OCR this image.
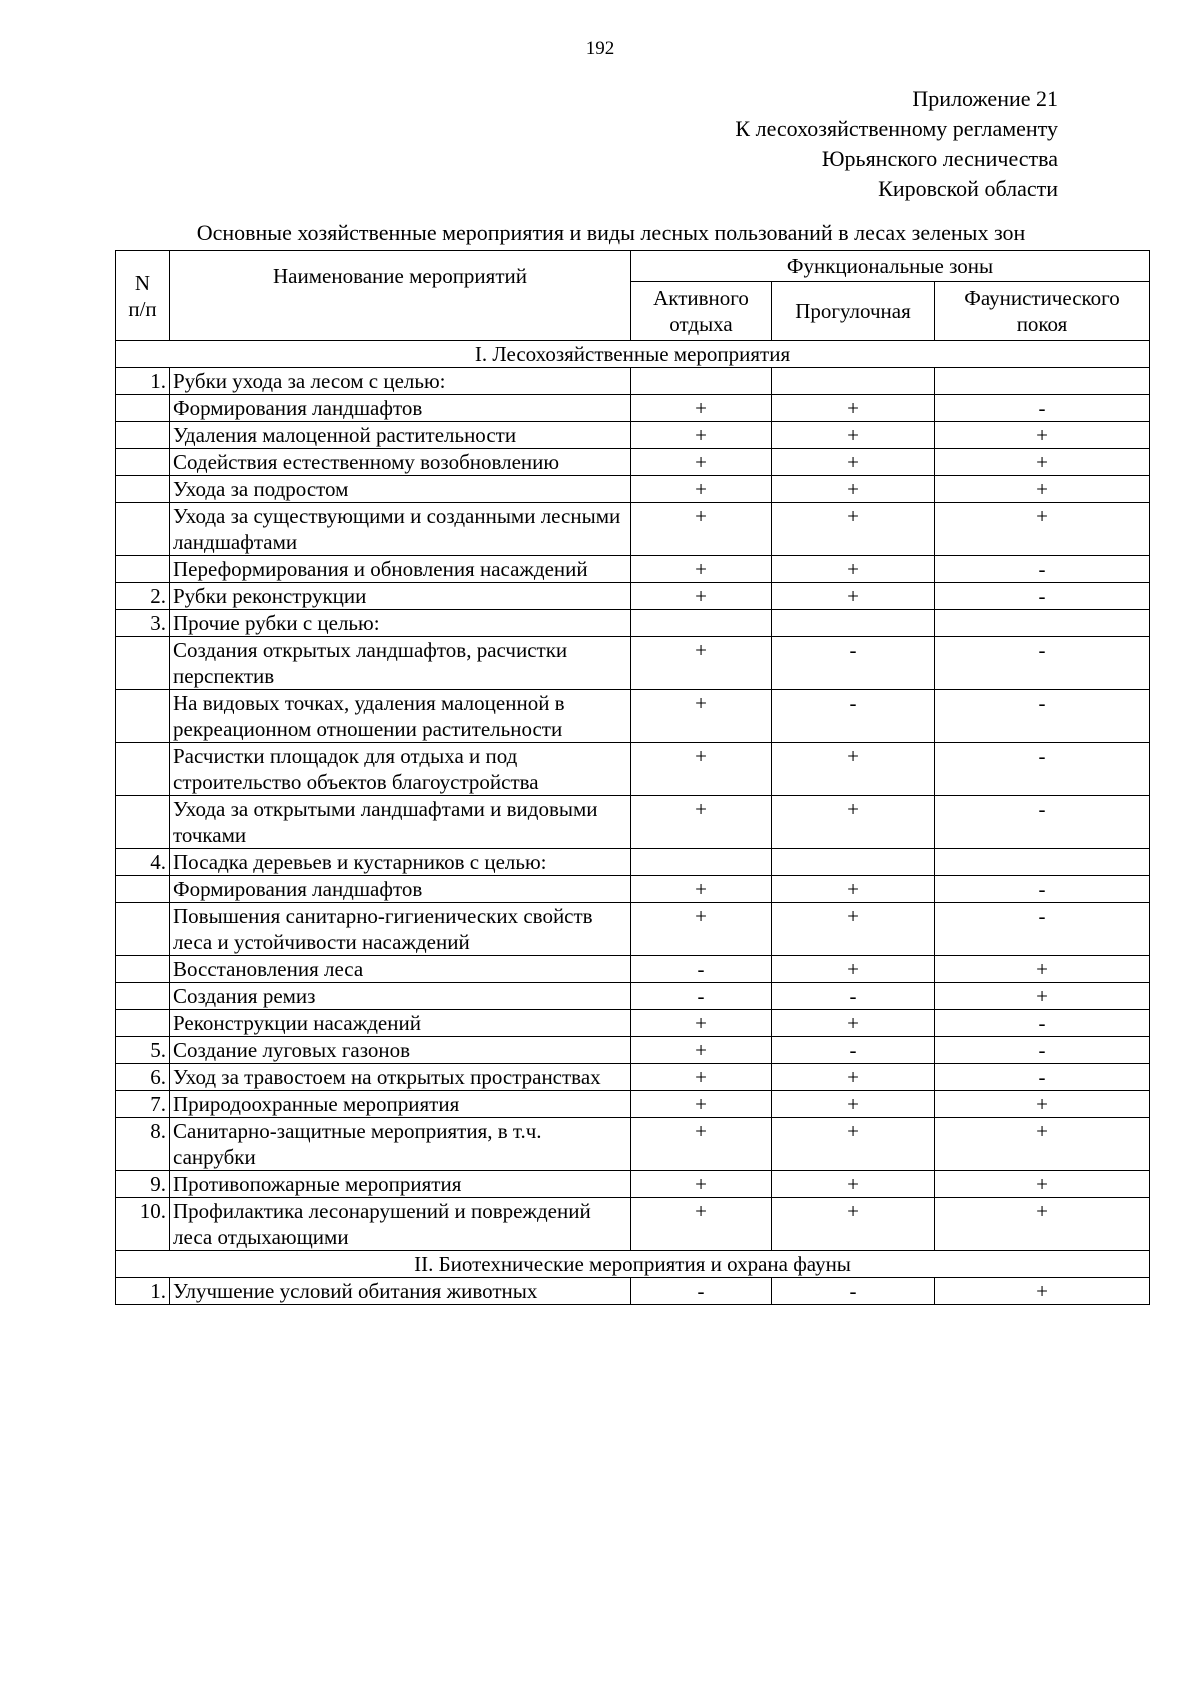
192
Приложение 21
К лесохозяйственному регламенту
Юрьянского лесничества
Кировской области
Основные хозяйственные мероприятия и виды лесных пользований в лесах зеленых зон
N п/п	Наименование мероприятий	Функциональные зоны		
		Активного отдыха	Прогулочная	Фаунистического покоя
I. Лесохозяйственные мероприятия				
1.	Рубки ухода за лесом с целью:			
	Формирования ландшафтов	+	+	-
	Удаления малоценной растительности	+	+	+
	Содействия естественному возобновлению	+	+	+
	Ухода за подростом	+	+	+
	Ухода за существующими и созданными лесными ландшафтами	+	+	+
	Переформирования и обновления насаждений	+	+	-
2.	Рубки реконструкции	+	+	-
3.	Прочие рубки с целью:			
	Создания открытых ландшафтов, расчистки перспектив	+	-	-
	На видовых точках, удаления малоценной в рекреационном отношении растительности	+	-	-
	Расчистки площадок для отдыха и под строительство объектов благоустройства	+	+	-
	Ухода за открытыми ландшафтами и видовыми точками	+	+	-
4.	Посадка деревьев и кустарников с целью:			
	Формирования ландшафтов	+	+	-
	Повышения санитарно-гигиенических свойств леса и устойчивости насаждений	+	+	-
	Восстановления леса	-	+	+
	Создания ремиз	-	-	+
	Реконструкции насаждений	+	+	-
5.	Создание луговых газонов	+	-	-
6.	Уход за травостоем на открытых пространствах	+	+	-
7.	Природоохранные мероприятия	+	+	+
8.	Санитарно-защитные мероприятия, в т.ч. санрубки	+	+	+
9.	Противопожарные мероприятия	+	+	+
10.	Профилактика лесонарушений и повреждений леса отдыхающими	+	+	+
II. Биотехнические мероприятия и охрана фауны				
1.	Улучшение условий обитания животных	-	-	+
